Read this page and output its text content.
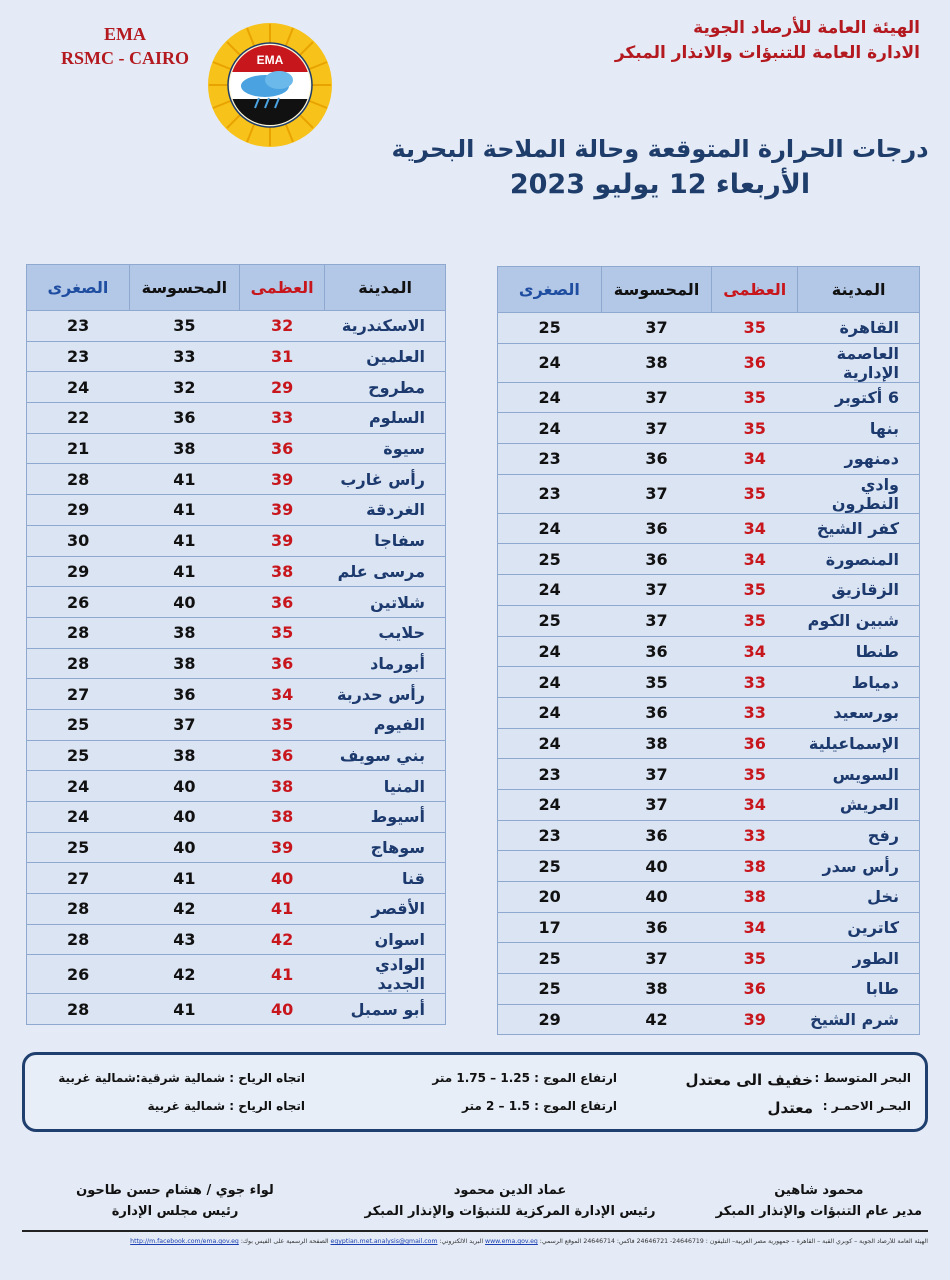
EMA
RSMC - CAIRO	EMA
الهيئة العامة للأرصاد الجوية
الادارة العامة للتنبؤات والانذار المبكر
درجات الحرارة المتوقعة وحالة الملاحة البحرية
الأربعاء 12 يوليو 2023
المدينة	العظمى	المحسوسة	الصغرى
القاهرة	35	37	25
العاصمة الإدارية	36	38	24
6 أكتوبر	35	37	24
بنها	35	37	24
دمنهور	34	36	23
وادي النطرون	35	37	23
كفر الشيخ	34	36	24
المنصورة	34	36	25
الزقازيق	35	37	24
شبين الكوم	35	37	25
طنطا	34	36	24
دمياط	33	35	24
بورسعيد	33	36	24
الإسماعيلية	36	38	24
السويس	35	37	23
العريش	34	37	24
رفح	33	36	23
رأس سدر	38	40	25
نخل	38	40	20
كاترين	34	36	17
الطور	35	37	25
طابا	36	38	25
شرم الشيخ	39	42	29
المدينة	العظمى	المحسوسة	الصغرى
الاسكندرية	32	35	23
العلمين	31	33	23
مطروح	29	32	24
السلوم	33	36	22
سيوة	36	38	21
رأس غارب	39	41	28
الغردقة	39	41	29
سفاجا	39	41	30
مرسى علم	38	41	29
شلاتين	36	40	26
حلايب	35	38	28
أبورماد	36	38	28
رأس حدربة	34	36	27
الفيوم	35	37	25
بني سويف	36	38	25
المنيا	38	40	24
أسيوط	38	40	24
سوهاج	39	40	25
قنا	40	41	27
الأقصر	41	42	28
اسوان	42	43	28
الوادي الجديد	41	42	26
أبو سمبل	40	41	28
البحر المتوسط :
خفيف الى معتدل
ارتفاع الموج : 1.25 – 1.75 متر
اتجاه الرياح : شمالية شرقية:شمالية غربية
البحـر الاحمـر :
معتدل
ارتفاع الموج : 1.5 – 2 متر
اتجاه الرياح : شمالية غربية
محمود شاهين
مدير عام التنبؤات والإنذار المبكر
عماد الدين محمود
رئيس الإدارة المركزية للتنبؤات والإنذار المبكر
لواء جوي / هشام حسن طاحون
رئيس مجلس الإدارة
الهيئة العامة للأرصاد الجوية – كوبري القبة – القاهرة – جمهورية مصر العربية– التليفون : 24646719- 24646721 فاكس: 24646714 الموقع الرسمي: www.ema.gov.eg البريد الالكتروني: egyptian.met.analysis@gmail.com الصفحة الرسمية على الفيس بوك: http://m.facebook.com/ema.gov.eg
